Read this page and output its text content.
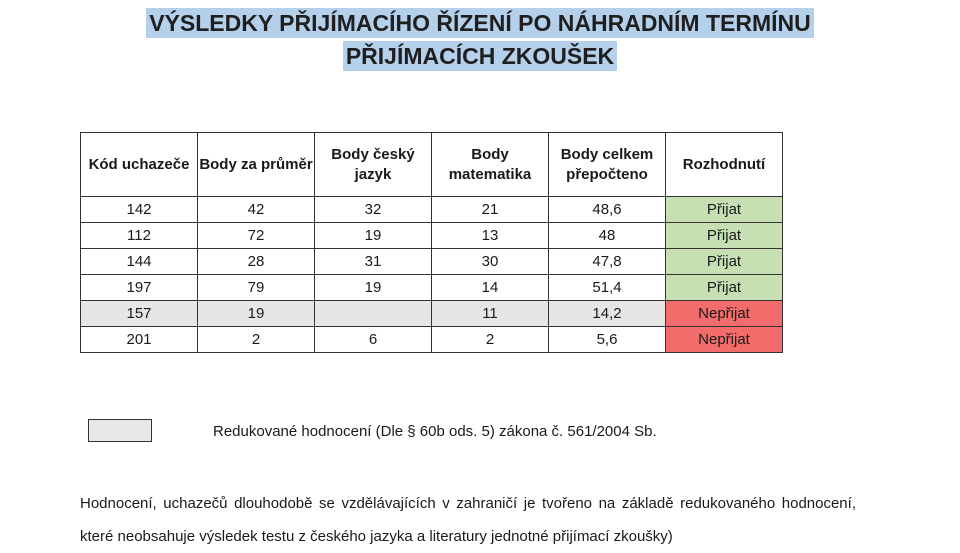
VÝSLEDKY PŘIJÍMACÍHO ŘÍZENÍ PO NÁHRADNÍM TERMÍNU
PŘIJÍMACÍCH ZKOUŠEK
Kód uchazeče	Body za průměr	Body český jazyk	Body matematika	Body celkem přepočteno	Rozhodnutí
142	42	32	21	48,6	Přijat
112	72	19	13	48	Přijat
144	28	31	30	47,8	Přijat
197	79	19	14	51,4	Přijat
157	19		11	14,2	Nepřijat
201	2	6	2	5,6	Nepřijat
Redukované hodnocení (Dle § 60b ods. 5) zákona č. 561/2004 Sb.
Hodnocení, uchazečů dlouhodobě se vzdělávajících v zahraničí je tvořeno na základě redukovaného hodnocení, které neobsahuje výsledek testu z českého jazyka a literatury jednotné přijímací zkoušky)
